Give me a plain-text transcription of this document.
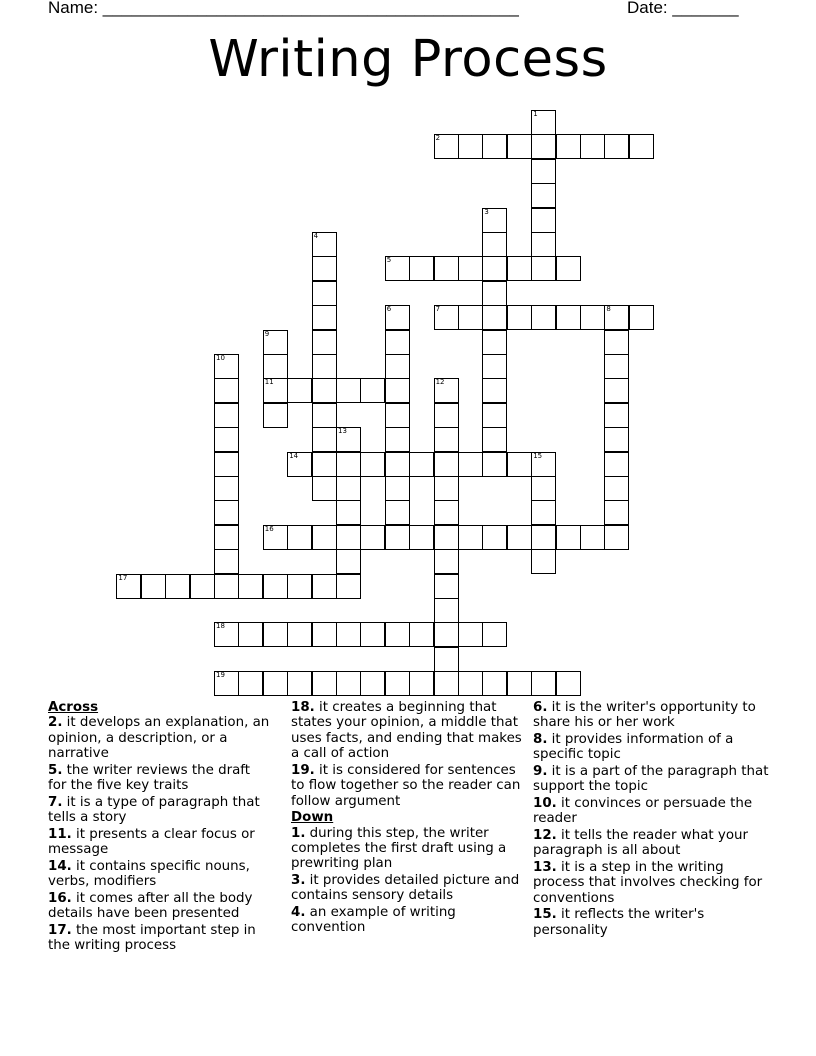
Name: ____________________________________________	Date: _______
Writing Process
1
2
3
4
5
6	7	8
9
11
10
12
13
14	15
16
17
18
19
Across
2. it develops an explanation, an opinion, a description, or a narrative
5. the writer reviews the draft for the five key traits
7. it is a type of paragraph that tells a story
11. it presents a clear focus or message
14. it contains specific nouns, verbs, modifiers
16. it comes after all the body details have been presented
17. the most important step in the writing process
18. it creates a beginning that states your opinion, a middle that uses facts, and ending that makes a call of action
19. it is considered for sentences to flow together so the reader can follow argument
Down
1. during this step, the writer completes the first draft using a prewriting plan
3. it provides detailed picture and contains sensory details
4. an example of writing convention
6. it is the writer's opportunity to share his or her work
8. it provides information of a specific topic
9. it is a part of the paragraph that support the topic
10. it convinces or persuade the reader
12. it tells the reader what your paragraph is all about
13. it is a step in the writing process that involves checking for conventions
15. it reflects the writer's personality
